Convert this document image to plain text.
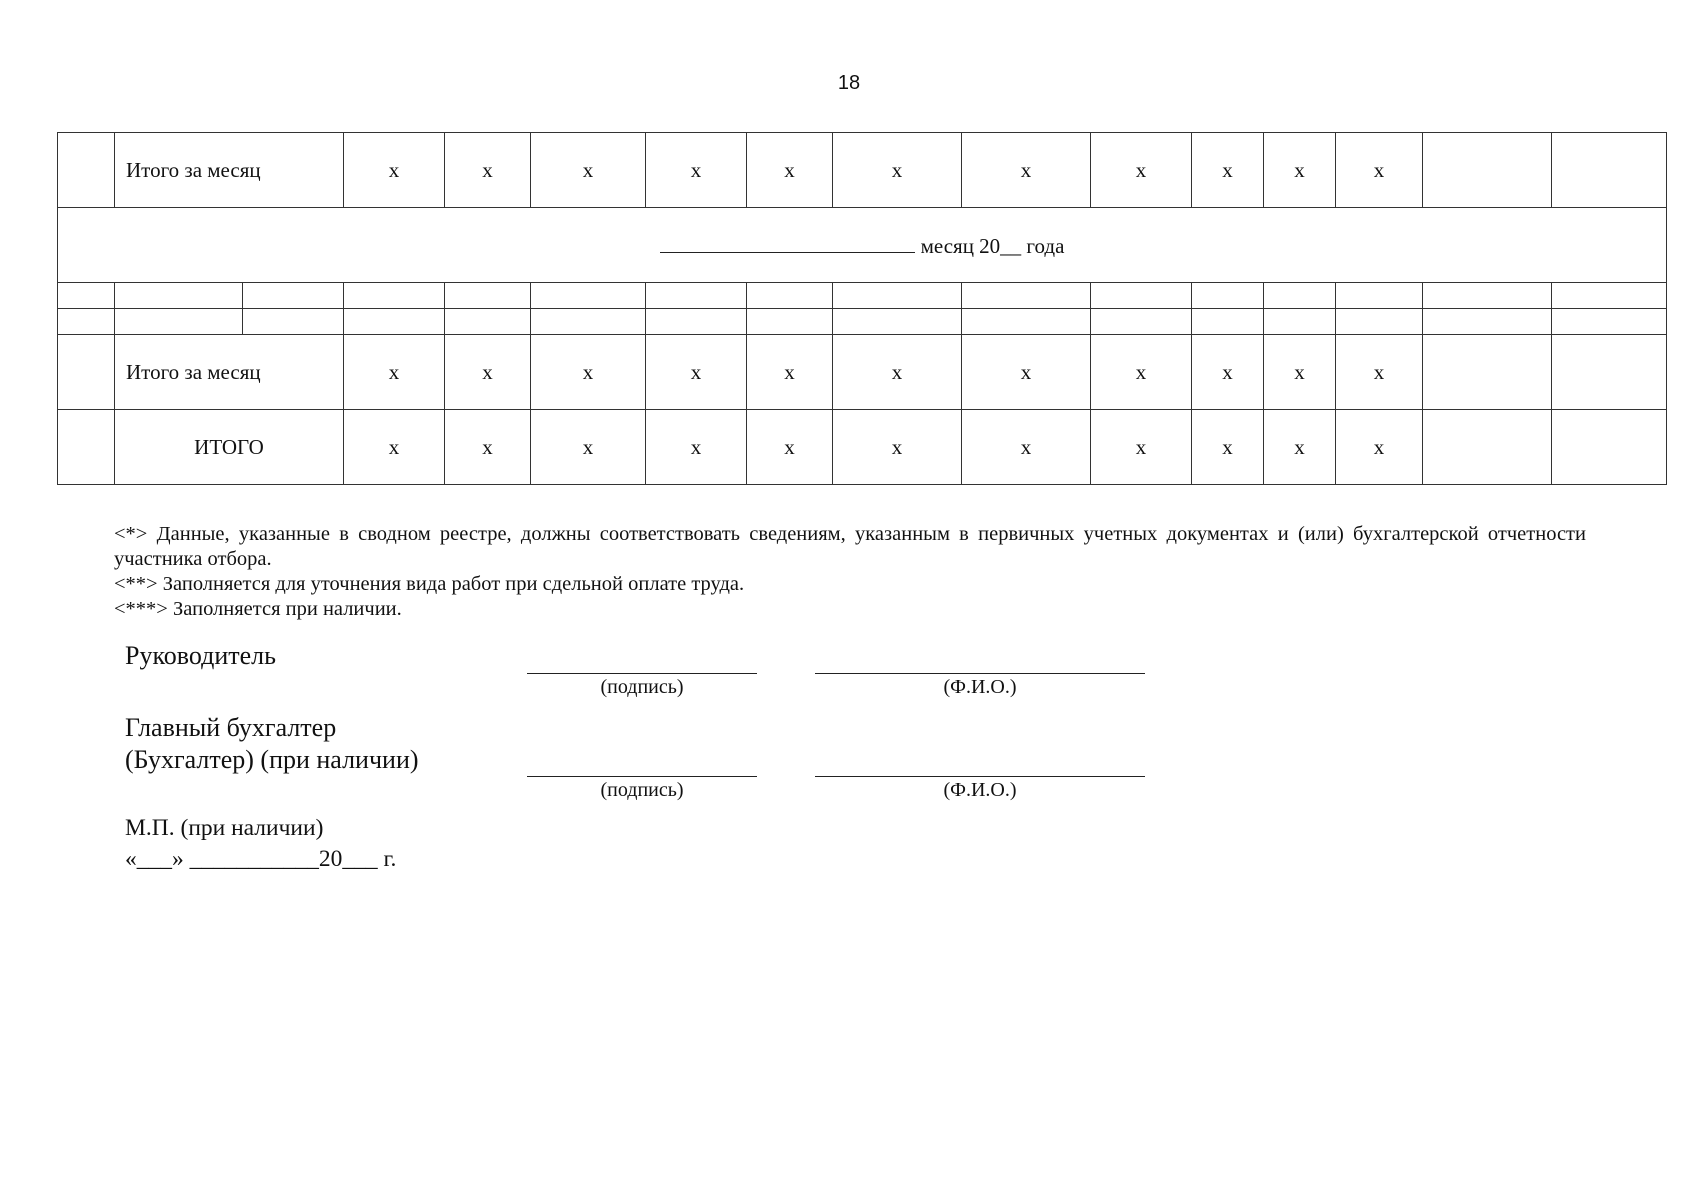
18
	Итого за месяц		x	x	x	x	x	x	x	x	x	x	x		
месяц 20__ года															

	Итого за месяц		x	x	x	x	x	x	x	x	x	x	x		
	ИТОГО		x	x	x	x	x	x	x	x	x	x	x		

<*> Данные, указанные в сводном реестре, должны соответствовать сведениям, указанным в первичных учетных документах и (или) бухгалтерской отчетности участника отбора.

<**> Заполняется для уточнения вида работ при сдельной оплате труда.

<***> Заполняется при наличии.

Руководитель
(подпись)	(Ф.И.О.)
Главный бухгалтер
(Бухгалтер) (при наличии)
(подпись)	(Ф.И.О.)
М.П. (при наличии)
«___» ___________20___ г.
